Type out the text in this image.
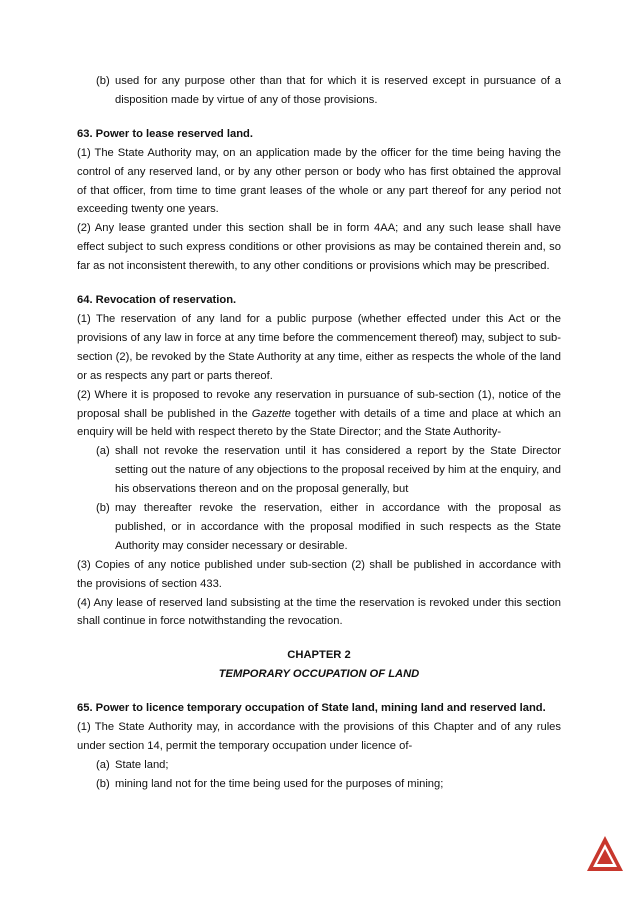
(b) used for any purpose other than that for which it is reserved except in pursuance of a disposition made by virtue of any of those provisions.

63. Power to lease reserved land.

(1) The State Authority may, on an application made by the officer for the time being having the control of any reserved land, or by any other person or body who has first obtained the approval of that officer, from time to time grant leases of the whole or any part thereof for any period not exceeding twenty one years.

(2) Any lease granted under this section shall be in form 4AA; and any such lease shall have effect subject to such express conditions or other provisions as may be contained therein and, so far as not inconsistent therewith, to any other conditions or provisions which may be prescribed.

64. Revocation of reservation.

(1) The reservation of any land for a public purpose (whether effected under this Act or the provisions of any law in force at any time before the commencement thereof) may, subject to sub-section (2), be revoked by the State Authority at any time, either as respects the whole of the land or as respects any part or parts thereof.

(2) Where it is proposed to revoke any reservation in pursuance of sub-section (1), notice of the proposal shall be published in the Gazette together with details of a time and place at which an enquiry will be held with respect thereto by the State Director; and the State Authority-

(a) shall not revoke the reservation until it has considered a report by the State Director setting out the nature of any objections to the proposal received by him at the enquiry, and his observations thereon and on the proposal generally, but

(b) may thereafter revoke the reservation, either in accordance with the proposal as published, or in accordance with the proposal modified in such respects as the State Authority may consider necessary or desirable.

(3) Copies of any notice published under sub-section (2) shall be published in accordance with the provisions of section 433.

(4) Any lease of reserved land subsisting at the time the reservation is revoked under this section shall continue in force notwithstanding the revocation.

CHAPTER 2

TEMPORARY OCCUPATION OF LAND

65. Power to licence temporary occupation of State land, mining land and reserved land.

(1) The State Authority may, in accordance with the provisions of this Chapter and of any rules under section 14, permit the temporary occupation under licence of-

(a) State land;

(b) mining land not for the time being used for the purposes of mining;
